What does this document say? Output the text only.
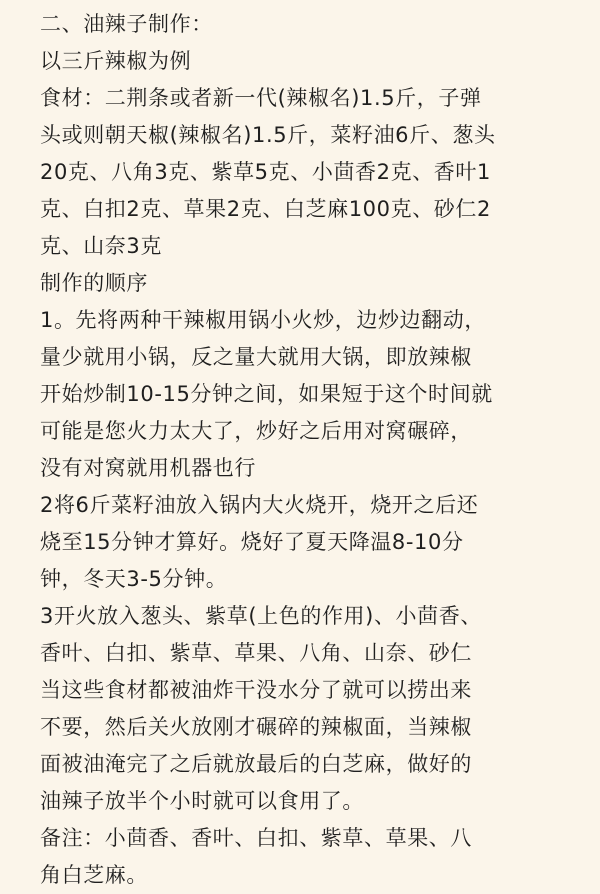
二、油辣子制作：
以三斤辣椒为例
食材：二荆条或者新一代(辣椒名)1.5斤，子弹
头或则朝天椒(辣椒名)1.5斤，菜籽油6斤、葱头
20克、八角3克、紫草5克、小茴香2克、香叶1
克、白扣2克、草果2克、白芝麻100克、砂仁2
克、山奈3克
制作的顺序
1。先将两种干辣椒用锅小火炒，边炒边翻动，
量少就用小锅，反之量大就用大锅，即放辣椒
开始炒制10-15分钟之间，如果短于这个时间就
可能是您火力太大了，炒好之后用对窝碾碎，
没有对窝就用机器也行
2将6斤菜籽油放入锅内大火烧开，烧开之后还
烧至15分钟才算好。烧好了夏天降温8-10分
钟，冬天3-5分钟。
3开火放入葱头、紫草(上色的作用)、小茴香、
香叶、白扣、紫草、草果、八角、山奈、砂仁
当这些食材都被油炸干没水分了就可以捞出来
不要，然后关火放刚才碾碎的辣椒面，当辣椒
面被油淹完了之后就放最后的白芝麻，做好的
油辣子放半个小时就可以食用了。
备注：小茴香、香叶、白扣、紫草、草果、八
角白芝麻。
